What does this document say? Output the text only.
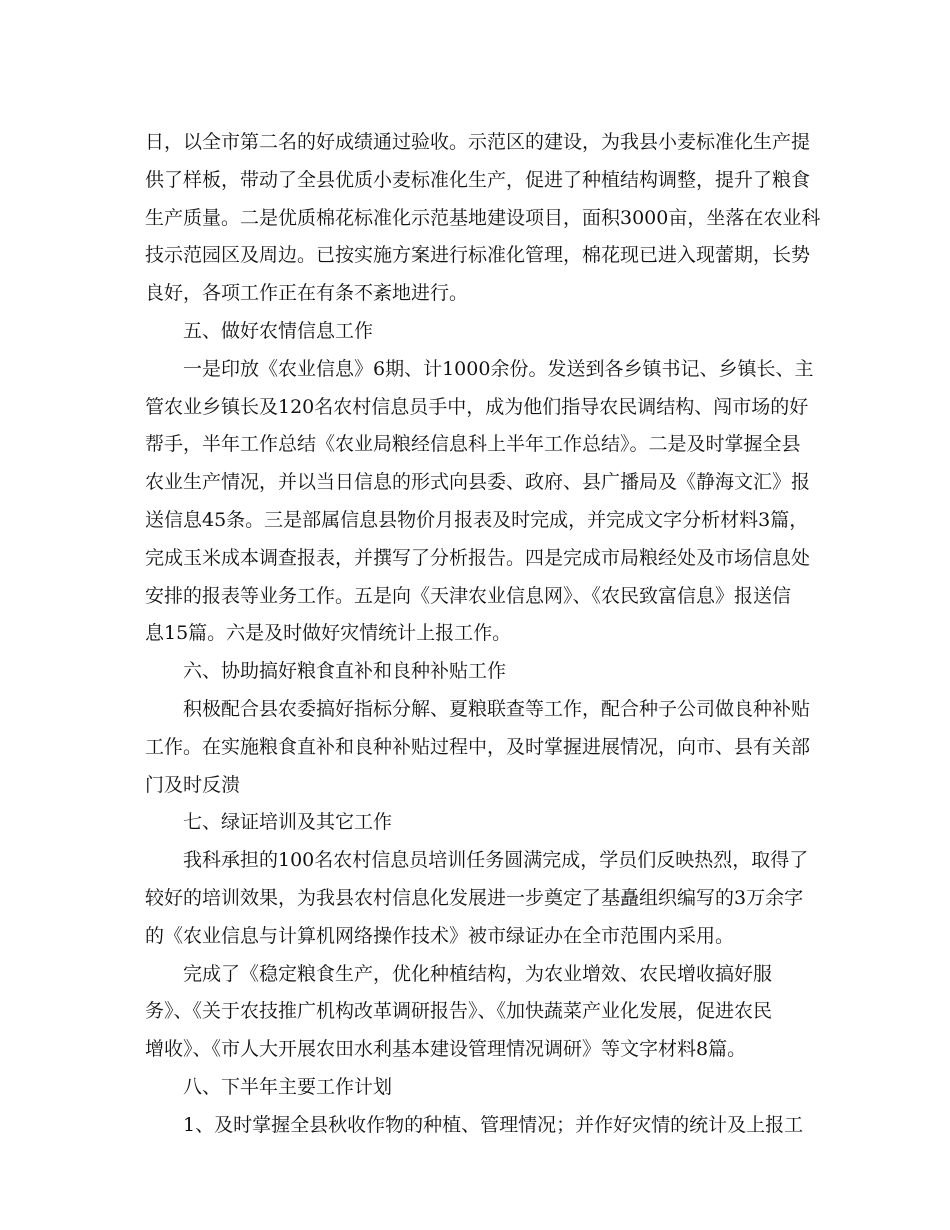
日，以全市第二名的好成绩通过验收。示范区的建设，为我县小麦标准化生产提
供了样板，带动了全县优质小麦标准化生产，促进了种植结构调整，提升了粮食
生产质量。二是优质棉花标准化示范基地建设项目，面积3000亩，坐落在农业科
技示范园区及周边。已按实施方案进行标准化管理，棉花现已进入现蕾期，长势
良好，各项工作正在有条不紊地进行。
五、做好农情信息工作
一是印放《农业信息》6期、计1000余份。发送到各乡镇书记、乡镇长、主
管农业乡镇长及120名农村信息员手中，成为他们指导农民调结构、闯市场的好
帮手，半年工作总结《农业局粮经信息科上半年工作总结》。二是及时掌握全县
农业生产情况，并以当日信息的形式向县委、政府、县广播局及《静海文汇》报
送信息45条。三是部属信息县物价月报表及时完成，并完成文字分析材料3篇，
完成玉米成本调查报表，并撰写了分析报告。四是完成市局粮经处及市场信息处
安排的报表等业务工作。五是向《天津农业信息网》、《农民致富信息》报送信
息15篇。六是及时做好灾情统计上报工作。
六、协助搞好粮食直补和良种补贴工作
积极配合县农委搞好指标分解、夏粮联查等工作，配合种子公司做良种补贴
工作。在实施粮食直补和良种补贴过程中，及时掌握进展情况，向市、县有关部
门及时反溃
七、绿证培训及其它工作
我科承担的100名农村信息员培训任务圆满完成，学员们反映热烈，取得了
较好的培训效果，为我县农村信息化发展进一步奠定了基矗组织编写的3万余字
的《农业信息与计算机网络操作技术》被市绿证办在全市范围内采用。
完成了《稳定粮食生产，优化种植结构，为农业增效、农民增收搞好服
务》、《关于农技推广机构改革调研报告》、《加快蔬菜产业化发展，促进农民
增收》、《市人大开展农田水利基本建设管理情况调研》等文字材料8篇。
八、下半年主要工作计划
1、及时掌握全县秋收作物的种植、管理情况；并作好灾情的统计及上报工
